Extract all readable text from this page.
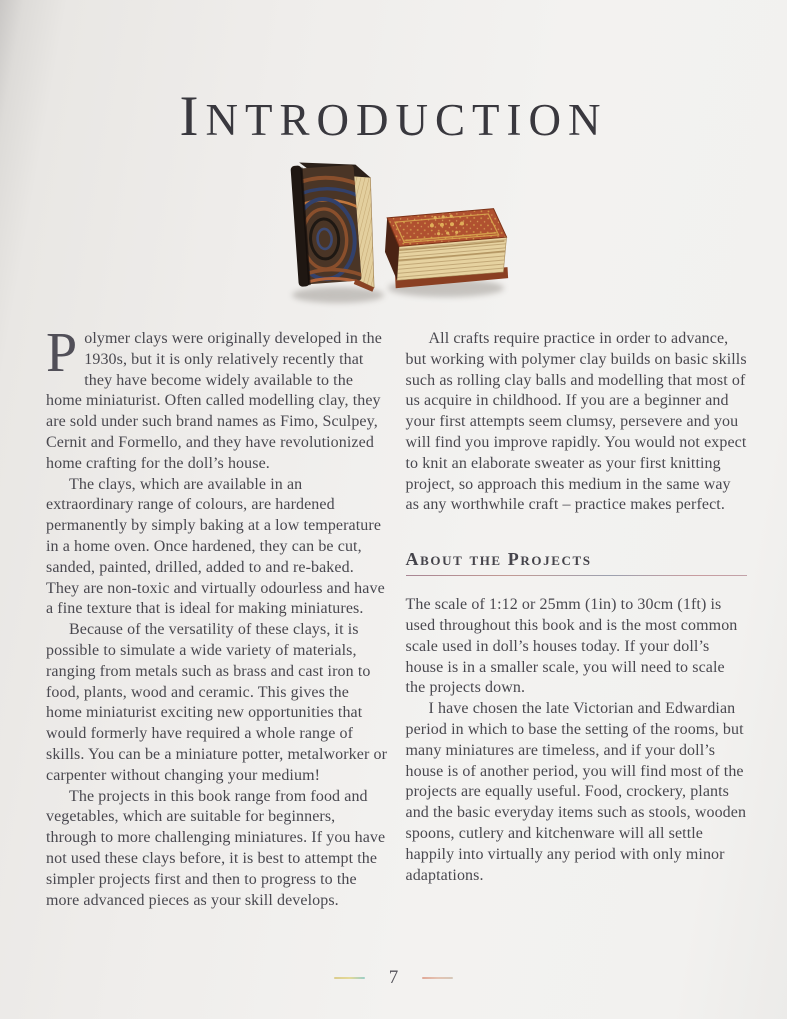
INTRODUCTION

Polymer clays were originally developed in the 1930s, but it is only relatively recently that they have become widely available to the home miniaturist. Often called modelling clay, they are sold under such brand names as Fimo, Sculpey, Cernit and Formello, and they have revolutionized home crafting for the doll’s house.

The clays, which are available in an extraordinary range of colours, are hardened permanently by simply baking at a low temperature in a home oven. Once hardened, they can be cut, sanded, painted, drilled, added to and re-baked. They are non-toxic and virtually odourless and have a fine texture that is ideal for making miniatures.

Because of the versatility of these clays, it is possible to simulate a wide variety of materials, ranging from metals such as brass and cast iron to food, plants, wood and ceramic. This gives the home miniaturist exciting new opportunities that would formerly have required a whole range of skills. You can be a miniature potter, metalworker or carpenter without changing your medium!

The projects in this book range from food and vegetables, which are suitable for beginners, through to more challenging miniatures. If you have not used these clays before, it is best to attempt the simpler projects first and then to progress to the more advanced pieces as your skill develops.

All crafts require practice in order to advance, but working with polymer clay builds on basic skills such as rolling clay balls and modelling that most of us acquire in childhood. If you are a beginner and your first attempts seem clumsy, persevere and you will find you improve rapidly. You would not expect to knit an elaborate sweater as your first knitting project, so approach this medium in the same way as any worthwhile craft – practice makes perfect.

About the Projects

The scale of 1:12 or 25mm (1in) to 30cm (1ft) is used throughout this book and is the most common scale used in doll’s houses today. If your doll’s house is in a smaller scale, you will need to scale the projects down.

I have chosen the late Victorian and Edwardian period in which to base the setting of the rooms, but many miniatures are timeless, and if your doll’s house is of another period, you will find most of the projects are equally useful. Food, crockery, plants and the basic everyday items such as stools, wooden spoons, cutlery and kitchenware will all settle happily into virtually any period with only minor adaptations.

7
